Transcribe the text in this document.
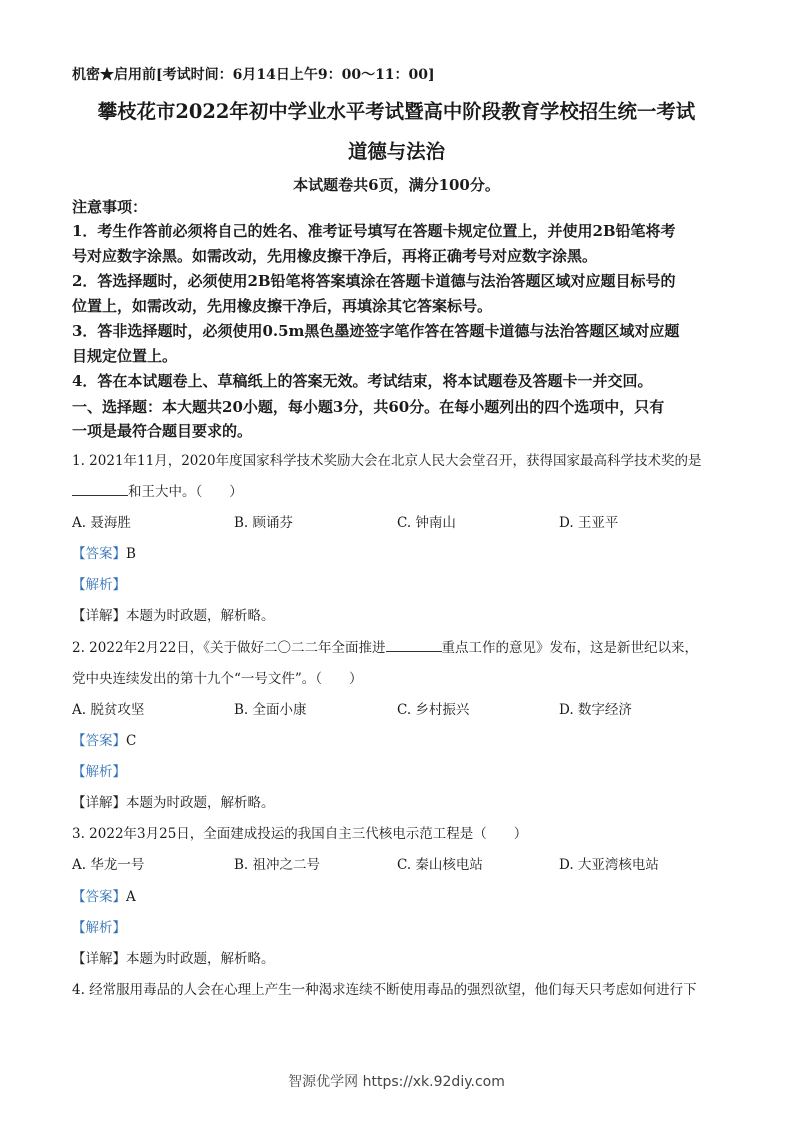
机密★启用前[考试时间：6月14日上午9：00～11：00]
攀枝花市2022年初中学业水平考试暨高中阶段教育学校招生统一考试
道德与法治
本试题卷共6页，满分100分。
注意事项：
1．考生作答前必须将自己的姓名、准考证号填写在答题卡规定位置上，并使用2B铅笔将考
号对应数字涂黑。如需改动，先用橡皮擦干净后，再将正确考号对应数字涂黑。
2．答选择题时，必须使用2B铅笔将答案填涂在答题卡道德与法治答题区域对应题目标号的
位置上，如需改动，先用橡皮擦干净后，再填涂其它答案标号。
3．答非选择题时，必须使用0.5m黑色墨迹签字笔作答在答题卡道德与法治答题区域对应题
目规定位置上。
4．答在本试题卷上、草稿纸上的答案无效。考试结束，将本试题卷及答题卡一并交回。
一、选择题：本大题共20小题，每小题3分，共60分。在每小题列出的四个选项中，只有
一项是最符合题目要求的。
1. 2021年11月，2020年度国家科学技术奖励大会在北京人民大会堂召开，获得国家最高科学技术奖的是
和王大中。（　　）
A. 聂海胜	B. 顾诵芬	C. 钟南山	D. 王亚平
【答案】B
【解析】
【详解】本题为时政题，解析略。
2. 2022年2月22日，《关于做好二〇二二年全面推进	重点工作的意见》发布，这是新世纪以来，
党中央连续发出的第十九个“一号文件”。（　　）
A. 脱贫攻坚	B. 全面小康	C. 乡村振兴	D. 数字经济
【答案】C
【解析】
【详解】本题为时政题，解析略。
3. 2022年3月25日，全面建成投运的我国自主三代核电示范工程是（　　）
A. 华龙一号	B. 祖冲之二号	C. 秦山核电站	D. 大亚湾核电站
【答案】A
【解析】
【详解】本题为时政题，解析略。
4. 经常服用毒品的人会在心理上产生一种渴求连续不断使用毒品的强烈欲望，他们每天只考虑如何进行下
智源优学网 https://xk.92diy.com
